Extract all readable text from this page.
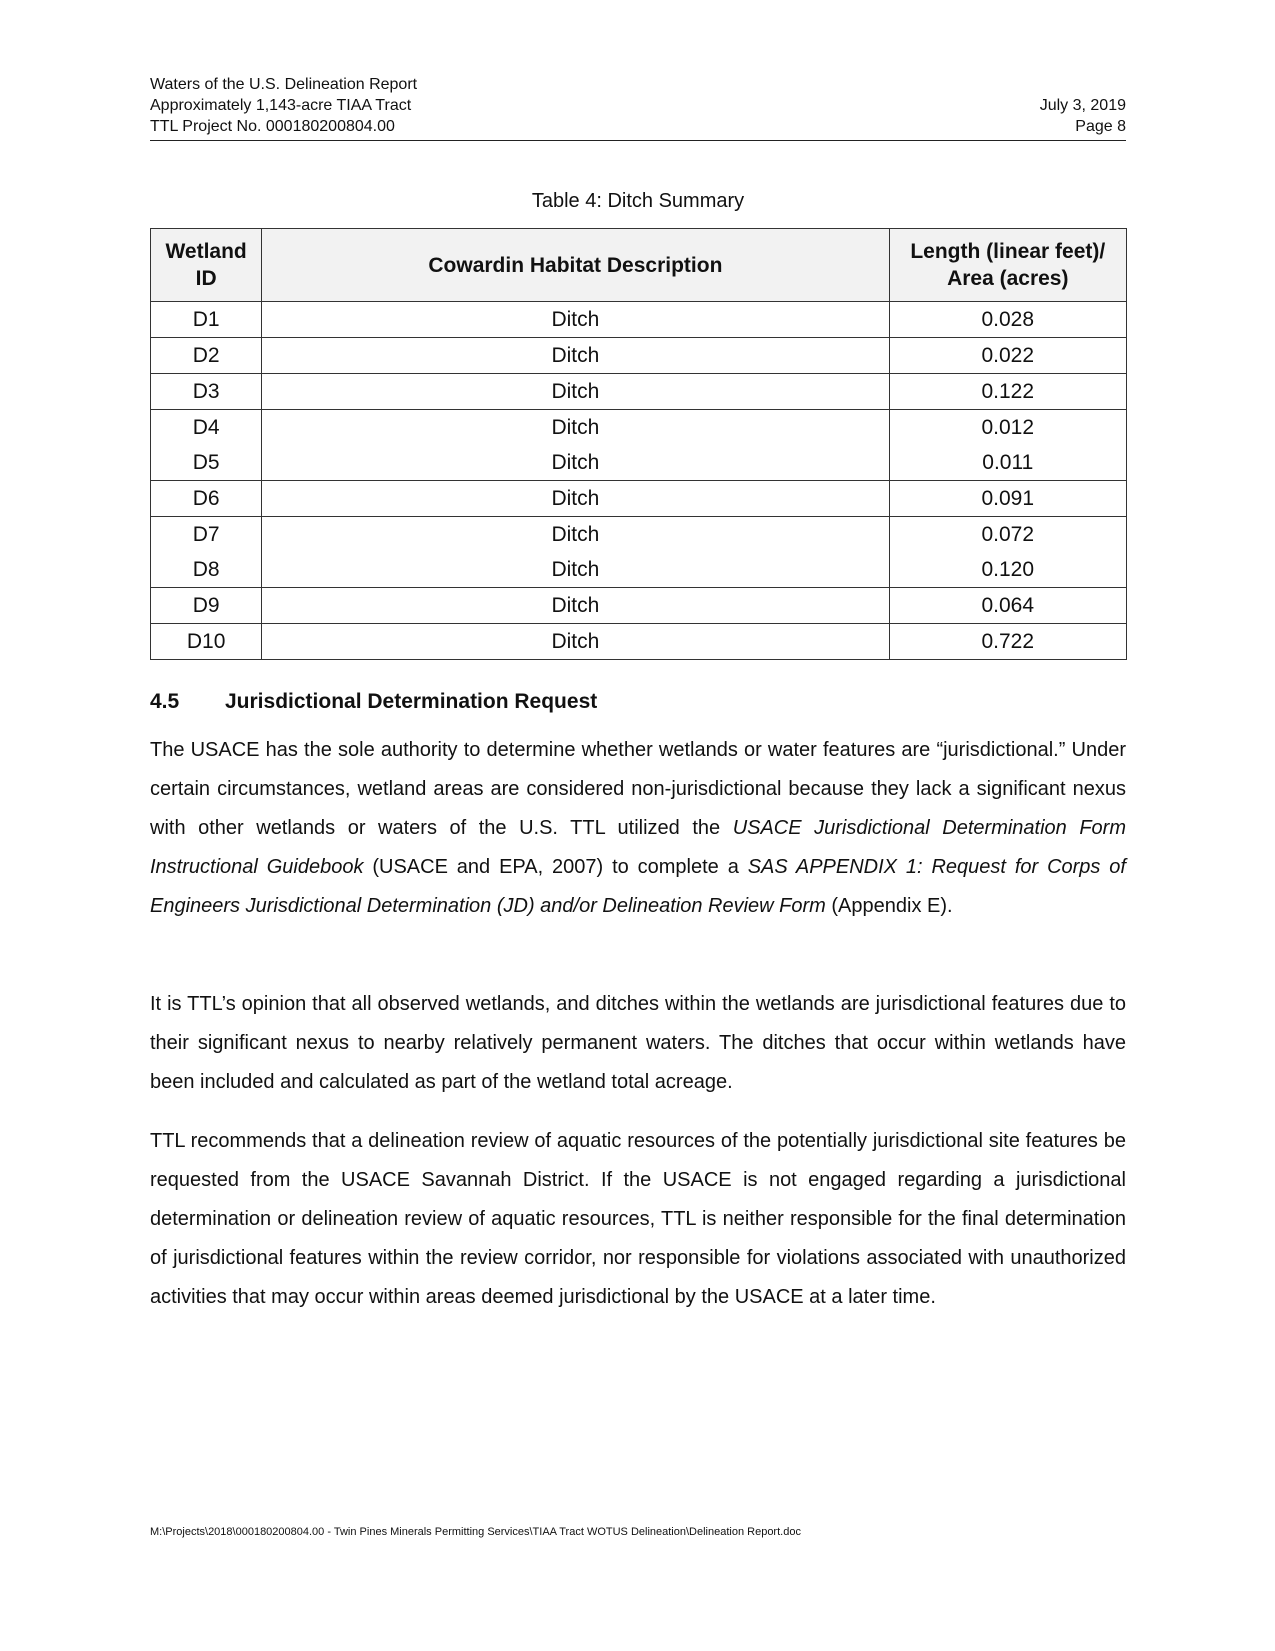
Waters of the U.S. Delineation Report
Approximately 1,143-acre TIAA Tract
TTL Project No. 000180200804.00
July 3, 2019
Page 8
Table 4: Ditch Summary
Wetland
ID	Cowardin Habitat Description	Length (linear feet)/
Area (acres)
D1	Ditch	0.028
D2	Ditch	0.022
D3	Ditch	0.122
D4	Ditch	0.012
D5	Ditch	0.011
D6	Ditch	0.091
D7	Ditch	0.072
D8	Ditch	0.120
D9	Ditch	0.064
D10	Ditch	0.722
4.5 Jurisdictional Determination Request

The USACE has the sole authority to determine whether wetlands or water features are “jurisdictional.” Under certain circumstances, wetland areas are considered non-jurisdictional because they lack a significant nexus with other wetlands or waters of the U.S. TTL utilized the USACE Jurisdictional Determination Form Instructional Guidebook (USACE and EPA, 2007) to complete a SAS APPENDIX 1: Request for Corps of Engineers Jurisdictional Determination (JD) and/or Delineation Review Form (Appendix E).

It is TTL’s opinion that all observed wetlands, and ditches within the wetlands are jurisdictional features due to their significant nexus to nearby relatively permanent waters. The ditches that occur within wetlands have been included and calculated as part of the wetland total acreage.

TTL recommends that a delineation review of aquatic resources of the potentially jurisdictional site features be requested from the USACE Savannah District. If the USACE is not engaged regarding a jurisdictional determination or delineation review of aquatic resources, TTL is neither responsible for the final determination of jurisdictional features within the review corridor, nor responsible for violations associated with unauthorized activities that may occur within areas deemed jurisdictional by the USACE at a later time.

M:\Projects\2018\000180200804.00 - Twin Pines Minerals Permitting Services\TIAA Tract WOTUS Delineation\Delineation Report.doc
